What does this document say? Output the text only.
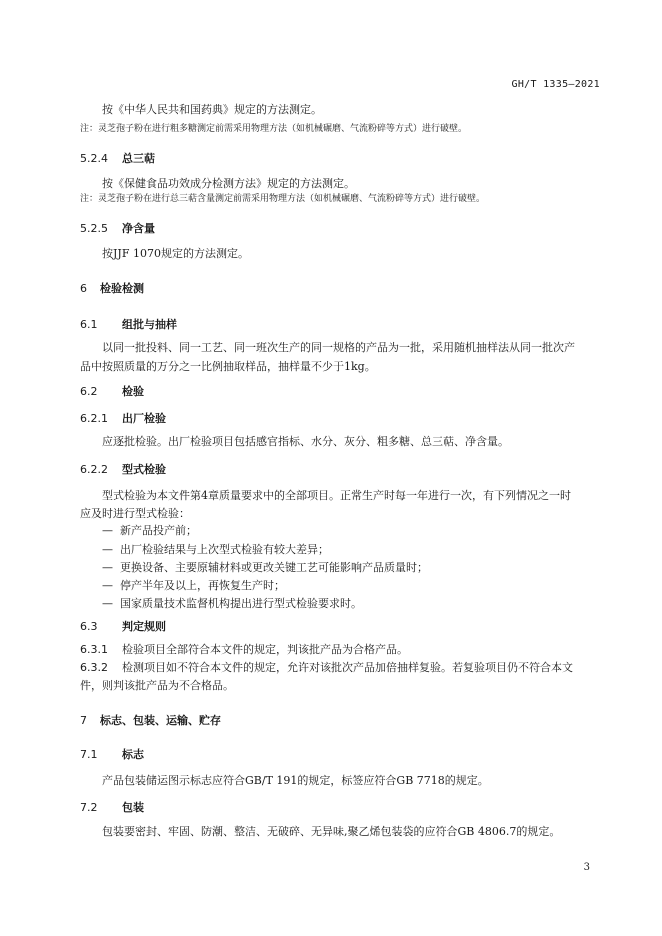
GH/T 1335—2021
按《中华人民共和国药典》规定的方法测定。
注：灵芝孢子粉在进行粗多糖测定前需采用物理方法（如机械碾磨、气流粉碎等方式）进行破壁。
5.2.4 总三萜
按《保健食品功效成分检测方法》规定的方法测定。
注：灵芝孢子粉在进行总三萜含量测定前需采用物理方法（如机械碾磨、气流粉碎等方式）进行破壁。
5.2.5 净含量
按JJF 1070规定的方法测定。
6 检验检测
6.1 组批与抽样
以同一批投料、同一工艺、同一班次生产的同一规格的产品为一批，采用随机抽样法从同一批次产
品中按照质量的万分之一比例抽取样品，抽样量不少于1kg。
6.2 检验
6.2.1 出厂检验
应逐批检验。出厂检验项目包括感官指标、水分、灰分、粗多糖、总三萜、净含量。
6.2.2 型式检验
型式检验为本文件第4章质量要求中的全部项目。正常生产时每一年进行一次，有下列情况之一时
应及时进行型式检验：
— 新产品投产前；
— 出厂检验结果与上次型式检验有较大差异；
— 更换设备、主要原辅材料或更改关键工艺可能影响产品质量时；
— 停产半年及以上，再恢复生产时；
— 国家质量技术监督机构提出进行型式检验要求时。
6.3 判定规则
6.3.1 检验项目全部符合本文件的规定，判该批产品为合格产品。
6.3.2 检测项目如不符合本文件的规定，允许对该批次产品加倍抽样复验。若复验项目仍不符合本文
件，则判该批产品为不合格品。
7 标志、包装、运输、贮存
7.1 标志
产品包装储运图示标志应符合GB/T 191的规定，标签应符合GB 7718的规定。
7.2 包装
包装要密封、牢固、防潮、整洁、无破碎、无异味,聚乙烯包装袋的应符合GB 4806.7的规定。
3
